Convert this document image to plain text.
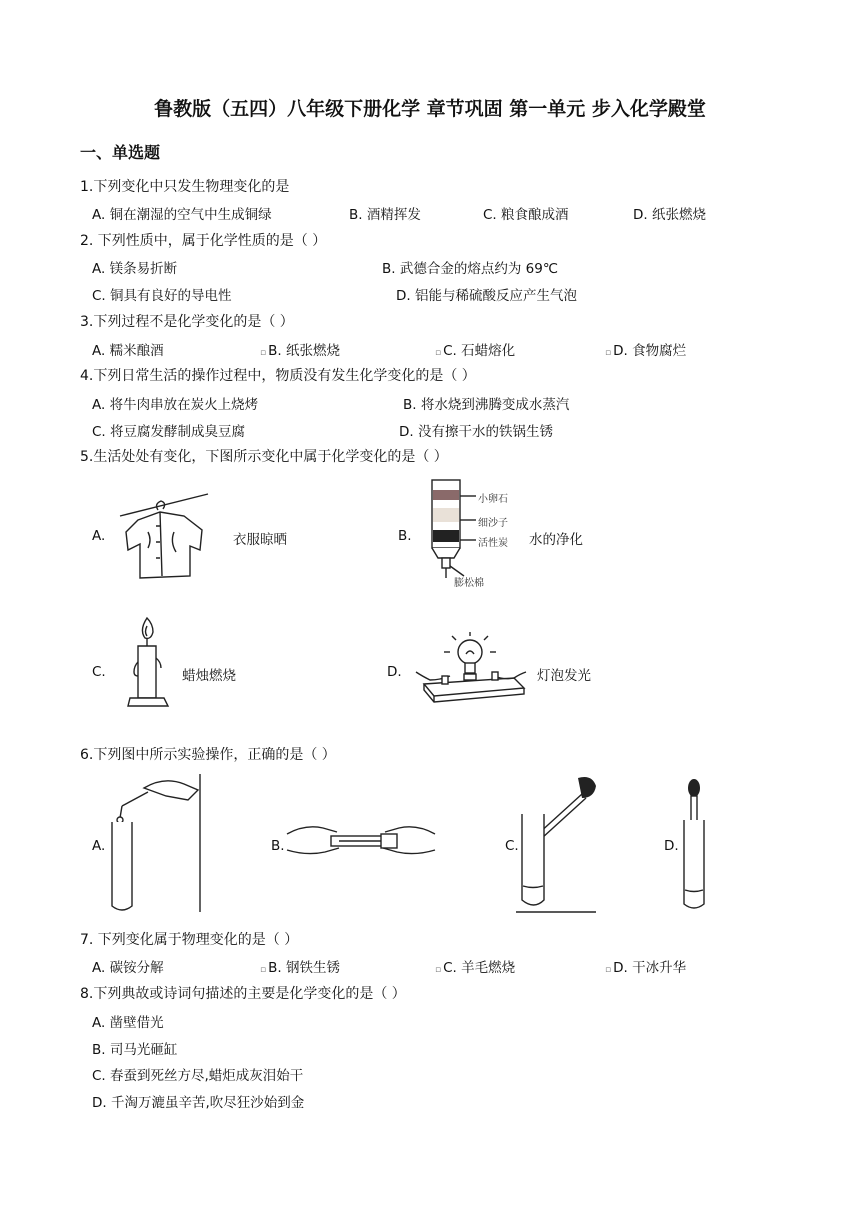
鲁教版（五四）八年级下册化学 章节巩固 第一单元 步入化学殿堂
一、单选题
1.下列变化中只发生物理变化的是
A. 铜在潮湿的空气中生成铜绿	B. 酒精挥发	C. 粮食酿成酒	D. 纸张燃烧
2. 下列性质中，属于化学性质的是（ ）
A. 镁条易折断	B. 武德合金的熔点约为 69℃
C. 铜具有良好的导电性	D. 铝能与稀硫酸反应产生气泡
3.下列过程不是化学变化的是（ ）
A. 糯米酿酒	▫ B. 纸张燃烧	▫ C. 石蜡熔化	▫ D. 食物腐烂
4.下列日常生活的操作过程中，物质没有发生化学变化的是（ ）
A. 将牛肉串放在炭火上烧烤	B. 将水烧到沸腾变成水蒸汽
C. 将豆腐发酵制成臭豆腐	D. 没有擦干水的铁锅生锈
5.生活处处有变化，下图所示变化中属于化学变化的是（ ）
A.	衣服晾晒	B.
小卵石
细沙子
活性炭
膨松棉
水的净化
C.	蜡烛燃烧	D.	灯泡发光
6.下列图中所示实验操作，正确的是（ ）
A.	B.	C.	D.
7. 下列变化属于物理变化的是（ ）
A. 碳铵分解	▫ B. 钢铁生锈	▫ C. 羊毛燃烧	▫ D. 干冰升华
8.下列典故或诗词句描述的主要是化学变化的是（ ）
A. 凿壁借光
B. 司马光砸缸
C. 春蚕到死丝方尽,蜡炬成灰泪始干
D. 千淘万漉虽辛苦,吹尽狂沙始到金
